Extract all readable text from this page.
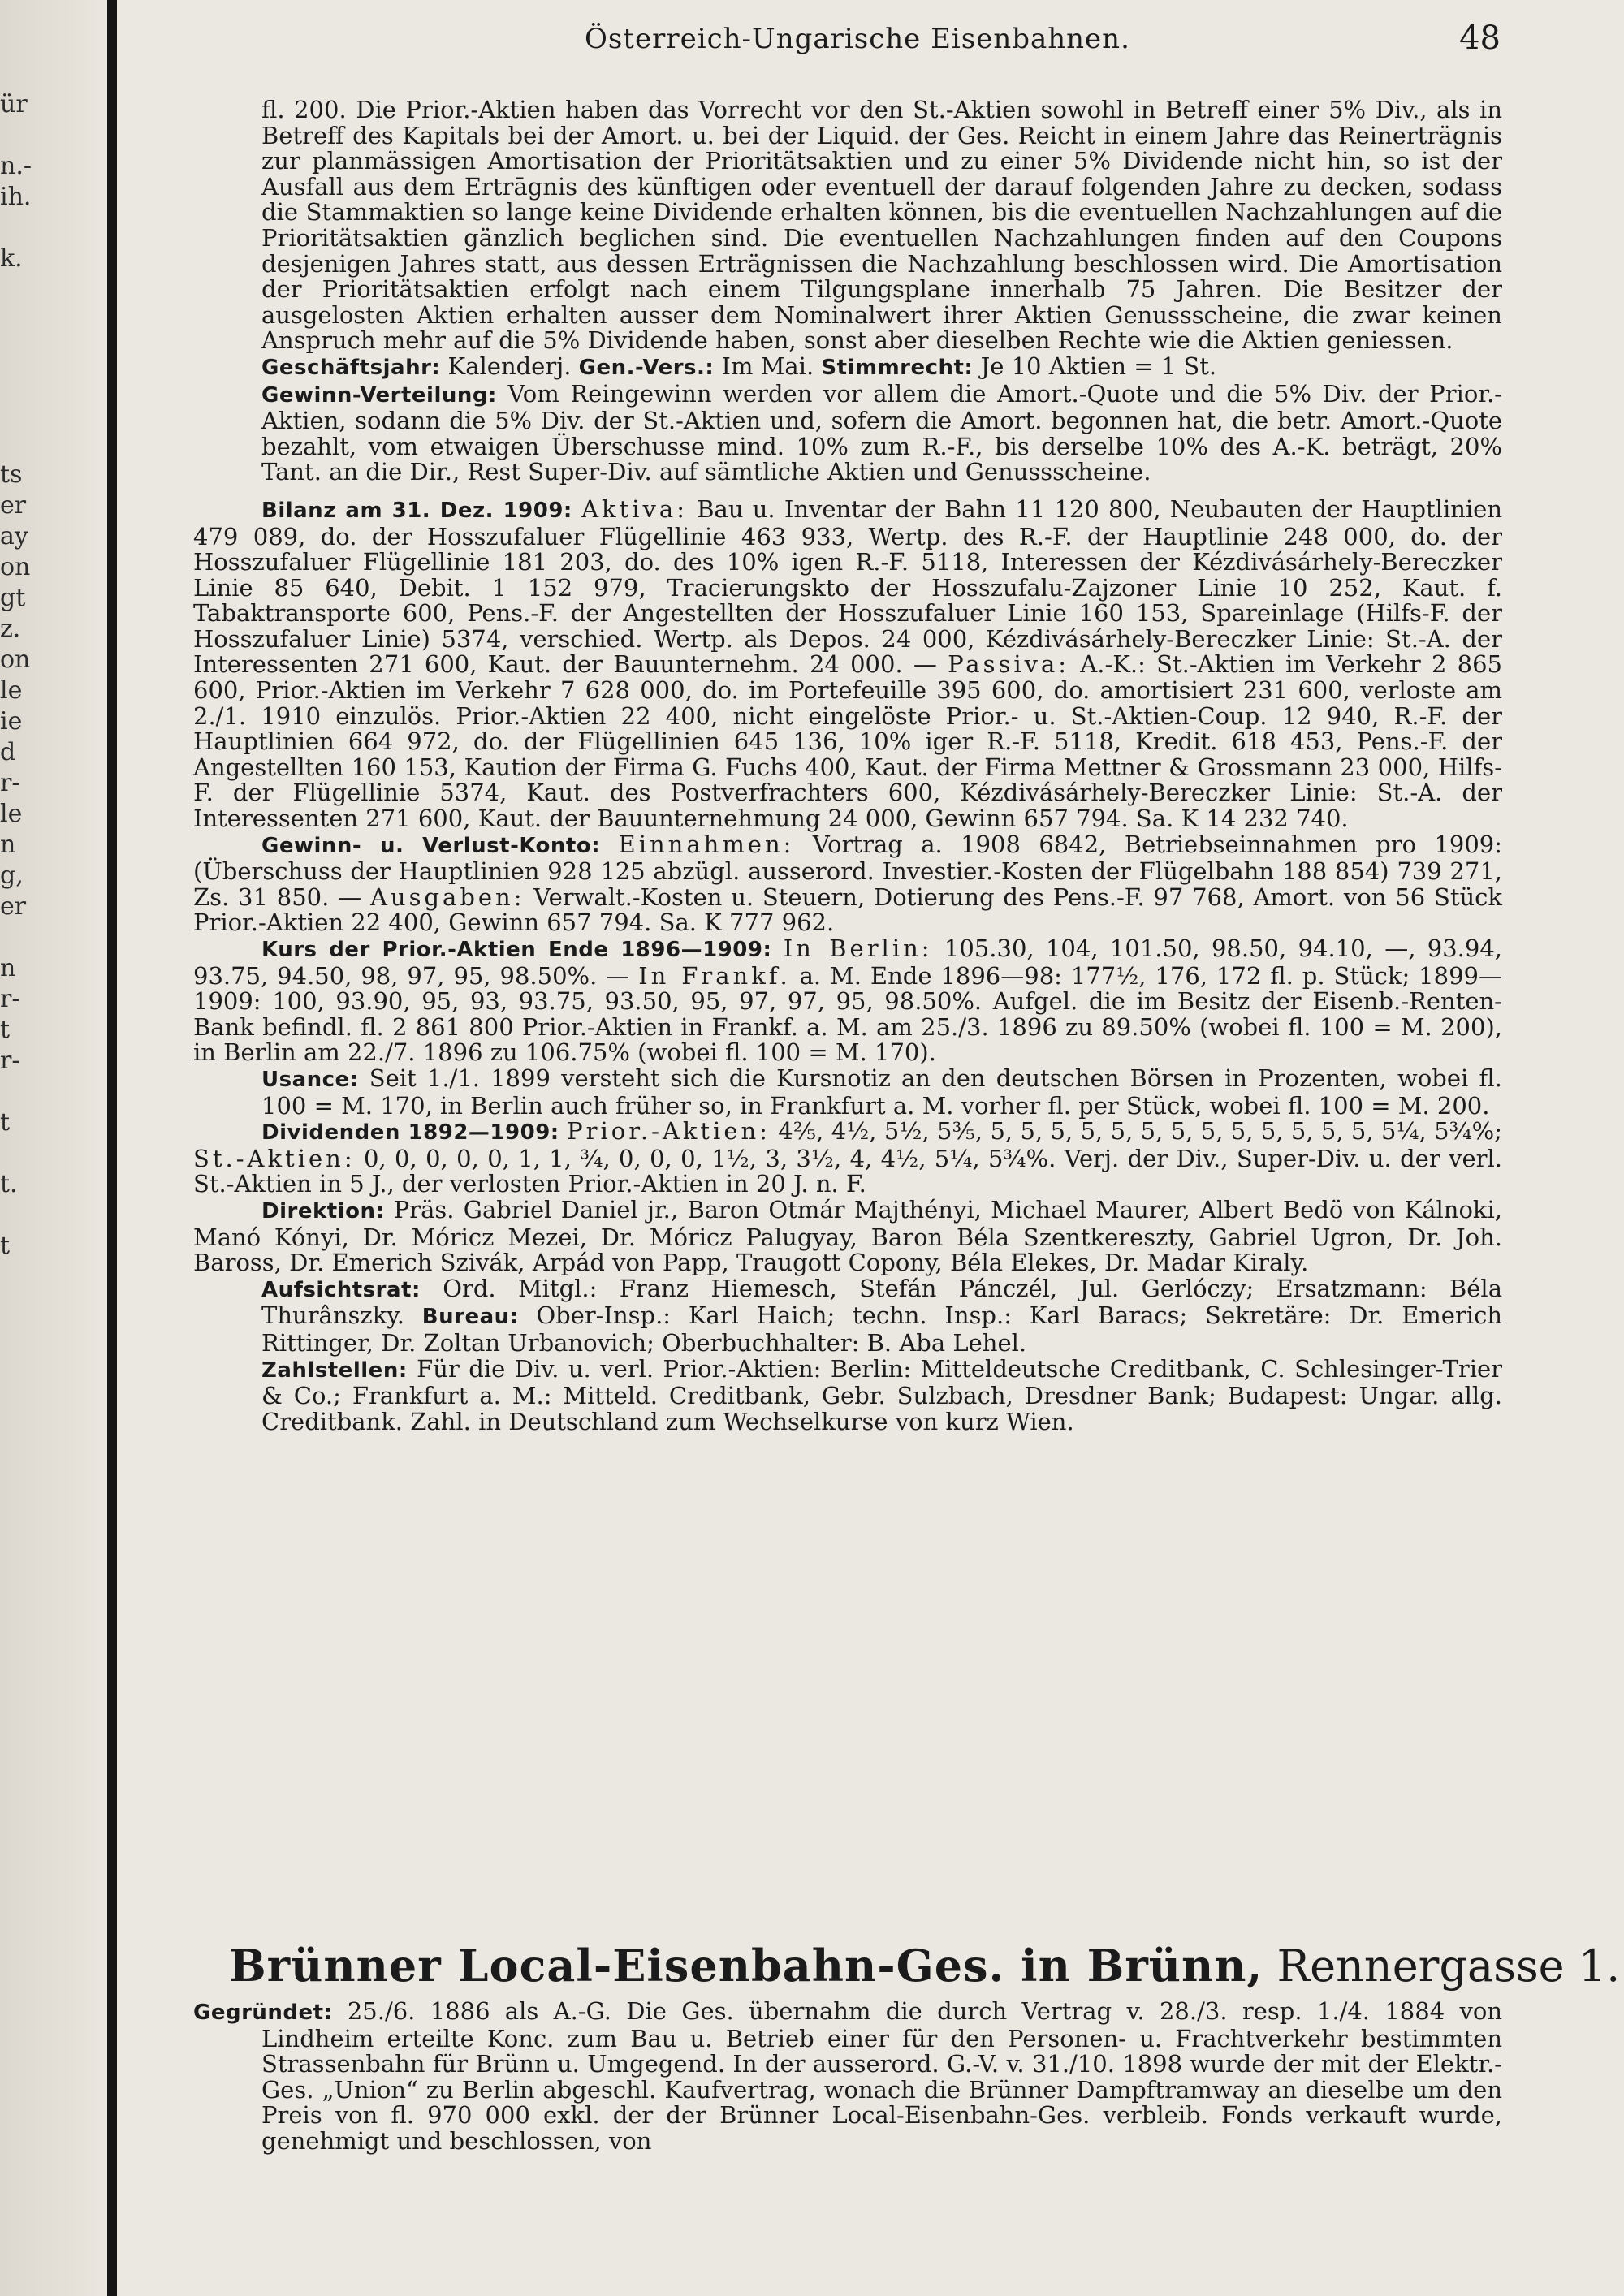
ür
n.-
ih.
k.
ts
er
ay
on
gt
z.
on
le
ie
d
r-
le
n
g,
er
n
r-
t
r-
t
t.
t
Österreich-Ungarische Eisenbahnen.	48

fl. 200. Die Prior.-Aktien haben das Vorrecht vor den St.-Aktien sowohl in Betreff einer 5% Div., als in Betreff des Kapitals bei der Amort. u. bei der Liquid. der Ges. Reicht in einem Jahre das Reinerträgnis zur planmässigen Amortisation der Prioritätsaktien und zu einer 5% Dividende nicht hin, so ist der Ausfall aus dem Ertrāgnis des künftigen oder eventuell der darauf folgenden Jahre zu decken, sodass die Stammaktien so lange keine Dividende erhalten können, bis die eventuellen Nachzahlungen auf die Prioritätsaktien gänzlich beglichen sind. Die eventuellen Nachzahlungen finden auf den Coupons desjenigen Jahres statt, aus dessen Erträgnissen die Nachzahlung beschlossen wird. Die Amortisation der Prioritätsaktien erfolgt nach einem Tilgungsplane innerhalb 75 Jahren. Die Besitzer der ausgelosten Aktien erhalten ausser dem Nominalwert ihrer Aktien Genussscheine, die zwar keinen Anspruch mehr auf die 5% Dividende haben, sonst aber dieselben Rechte wie die Aktien geniessen.

Geschäftsjahr: Kalenderj. Gen.-Vers.: Im Mai. Stimmrecht: Je 10 Aktien = 1 St.

Gewinn-Verteilung: Vom Reingewinn werden vor allem die Amort.-Quote und die 5% Div. der Prior.-Aktien, sodann die 5% Div. der St.-Aktien und, sofern die Amort. begonnen hat, die betr. Amort.-Quote bezahlt, vom etwaigen Überschusse mind. 10% zum R.-F., bis derselbe 10% des A.-K. beträgt, 20% Tant. an die Dir., Rest Super-Div. auf sämtliche Aktien und Genussscheine.

Bilanz am 31. Dez. 1909: Aktiva: Bau u. Inventar der Bahn 11 120 800, Neubauten der Hauptlinien 479 089, do. der Hosszufaluer Flügellinie 463 933, Wertp. des R.-F. der Hauptlinie 248 000, do. der Hosszufaluer Flügellinie 181 203, do. des 10% igen R.-F. 5118, Interessen der Kézdivásárhely-Bereczker Linie 85 640, Debit. 1 152 979, Tracierungskto der Hosszufalu-Zajzoner Linie 10 252, Kaut. f. Tabaktransporte 600, Pens.-F. der Angestellten der Hosszufaluer Linie 160 153, Spareinlage (Hilfs-F. der Hosszufaluer Linie) 5374, verschied. Wertp. als Depos. 24 000, Kézdivásárhely-Bereczker Linie: St.-A. der Interessenten 271 600, Kaut. der Bauunternehm. 24 000. — Passiva: A.-K.: St.-Aktien im Verkehr 2 865 600, Prior.-Aktien im Verkehr 7 628 000, do. im Portefeuille 395 600, do. amortisiert 231 600, verloste am 2./1. 1910 einzulös. Prior.-Aktien 22 400, nicht eingelöste Prior.- u. St.-Aktien-Coup. 12 940, R.-F. der Hauptlinien 664 972, do. der Flügellinien 645 136, 10% iger R.-F. 5118, Kredit. 618 453, Pens.-F. der Angestellten 160 153, Kaution der Firma G. Fuchs 400, Kaut. der Firma Mettner & Grossmann 23 000, Hilfs-F. der Flügellinie 5374, Kaut. des Postverfrachters 600, Kézdivásárhely-Bereczker Linie: St.-A. der Interessenten 271 600, Kaut. der Bauunternehmung 24 000, Gewinn 657 794. Sa. K 14 232 740.

Gewinn- u. Verlust-Konto: Einnahmen: Vortrag a. 1908 6842, Betriebseinnahmen pro 1909: (Überschuss der Hauptlinien 928 125 abzügl. ausserord. Investier.-Kosten der Flügelbahn 188 854) 739 271, Zs. 31 850. — Ausgaben: Verwalt.-Kosten u. Steuern, Dotierung des Pens.-F. 97 768, Amort. von 56 Stück Prior.-Aktien 22 400, Gewinn 657 794. Sa. K 777 962.

Kurs der Prior.-Aktien Ende 1896—1909: In Berlin: 105.30, 104, 101.50, 98.50, 94.10, —, 93.94, 93.75, 94.50, 98, 97, 95, 98.50%. — In Frankf. a. M. Ende 1896—98: 177½, 176, 172 fl. p. Stück; 1899—1909: 100, 93.90, 95, 93, 93.75, 93.50, 95, 97, 97, 95, 98.50%. Aufgel. die im Besitz der Eisenb.-Renten-Bank befindl. fl. 2 861 800 Prior.-Aktien in Frankf. a. M. am 25./3. 1896 zu 89.50% (wobei fl. 100 = M. 200), in Berlin am 22./7. 1896 zu 106.75% (wobei fl. 100 = M. 170).

Usance: Seit 1./1. 1899 versteht sich die Kursnotiz an den deutschen Börsen in Prozenten, wobei fl. 100 = M. 170, in Berlin auch früher so, in Frankfurt a. M. vorher fl. per Stück, wobei fl. 100 = M. 200.

Dividenden 1892—1909: Prior.-Aktien: 4⅖, 4½, 5½, 5⅗, 5, 5, 5, 5, 5, 5, 5, 5, 5, 5, 5, 5, 5, 5¼, 5¾%; St.-Aktien: 0, 0, 0, 0, 0, 1, 1, ¾, 0, 0, 0, 1½, 3, 3½, 4, 4½, 5¼, 5¾%. Verj. der Div., Super-Div. u. der verl. St.-Aktien in 5 J., der verlosten Prior.-Aktien in 20 J. n. F.

Direktion: Präs. Gabriel Daniel jr., Baron Otmár Majthényi, Michael Maurer, Albert Bedö von Kálnoki, Manó Kónyi, Dr. Móricz Mezei, Dr. Móricz Palugyay, Baron Béla Szentkereszty, Gabriel Ugron, Dr. Joh. Baross, Dr. Emerich Szivák, Arpád von Papp, Traugott Copony, Béla Elekes, Dr. Madar Kiraly.

Aufsichtsrat: Ord. Mitgl.: Franz Hiemesch, Stefán Pánczél, Jul. Gerlóczy; Ersatzmann: Béla Thurânszky. Bureau: Ober-Insp.: Karl Haich; techn. Insp.: Karl Baracs; Sekretäre: Dr. Emerich Rittinger, Dr. Zoltan Urbanovich; Oberbuchhalter: B. Aba Lehel.

Zahlstellen: Für die Div. u. verl. Prior.-Aktien: Berlin: Mitteldeutsche Creditbank, C. Schlesinger-Trier & Co.; Frankfurt a. M.: Mitteld. Creditbank, Gebr. Sulzbach, Dresdner Bank; Budapest: Ungar. allg. Creditbank. Zahl. in Deutschland zum Wechselkurse von kurz Wien.

Brünner Local-Eisenbahn-Ges. in Brünn, Rennergasse 1.

Gegründet: 25./6. 1886 als A.-G. Die Ges. übernahm die durch Vertrag v. 28./3. resp. 1./4. 1884 von Lindheim erteilte Konc. zum Bau u. Betrieb einer für den Personen- u. Frachtverkehr bestimmten Strassenbahn für Brünn u. Umgegend. In der ausserord. G.-V. v. 31./10. 1898 wurde der mit der Elektr.-Ges. „Union“ zu Berlin abgeschl. Kaufvertrag, wonach die Brünner Dampftramway an dieselbe um den Preis von fl. 970 000 exkl. der der Brünner Local-Eisenbahn-Ges. verbleib. Fonds verkauft wurde, genehmigt und beschlossen, von
